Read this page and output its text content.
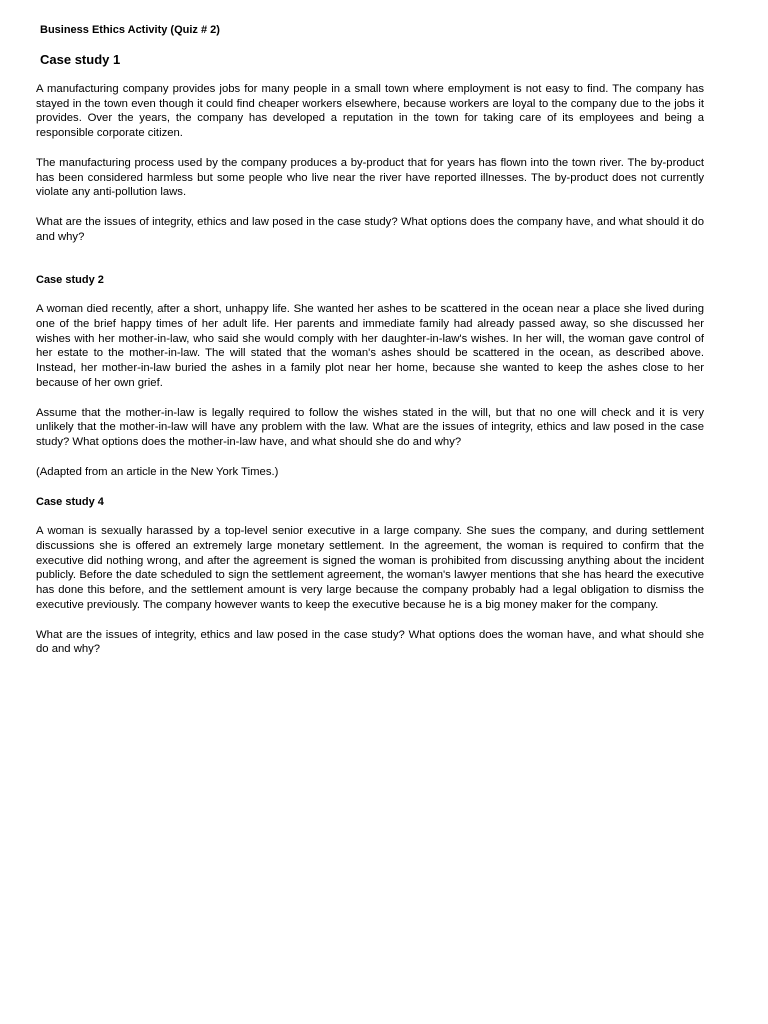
Business Ethics Activity (Quiz # 2)
Case study 1

A manufacturing company provides jobs for many people in a small town where employment is not easy to find. The company has stayed in the town even though it could find cheaper workers elsewhere, because workers are loyal to the company due to the jobs it provides. Over the years, the company has developed a reputation in the town for taking care of its employees and being a responsible corporate citizen.

The manufacturing process used by the company produces a by-product that for years has flown into the town river. The by-product has been considered harmless but some people who live near the river have reported illnesses. The by-product does not currently violate any anti-pollution laws.

What are the issues of integrity, ethics and law posed in the case study? What options does the company have, and what should it do and why?

Case study 2

A woman died recently, after a short, unhappy life. She wanted her ashes to be scattered in the ocean near a place she lived during one of the brief happy times of her adult life. Her parents and immediate family had already passed away, so she discussed her wishes with her mother-in-law, who said she would comply with her daughter-in-law's wishes. In her will, the woman gave control of her estate to the mother-in-law. The will stated that the woman's ashes should be scattered in the ocean, as described above. Instead, her mother-in-law buried the ashes in a family plot near her home, because she wanted to keep the ashes close to her because of her own grief.

Assume that the mother-in-law is legally required to follow the wishes stated in the will, but that no one will check and it is very unlikely that the mother-in-law will have any problem with the law. What are the issues of integrity, ethics and law posed in the case study? What options does the mother-in-law have, and what should she do and why?

(Adapted from an article in the New York Times.)

Case study 4

A woman is sexually harassed by a top-level senior executive in a large company. She sues the company, and during settlement discussions she is offered an extremely large monetary settlement. In the agreement, the woman is required to confirm that the executive did nothing wrong, and after the agreement is signed the woman is prohibited from discussing anything about the incident publicly. Before the date scheduled to sign the settlement agreement, the woman's lawyer mentions that she has heard the executive has done this before, and the settlement amount is very large because the company probably had a legal obligation to dismiss the executive previously. The company however wants to keep the executive because he is a big money maker for the company.

What are the issues of integrity, ethics and law posed in the case study? What options does the woman have, and what should she do and why?
